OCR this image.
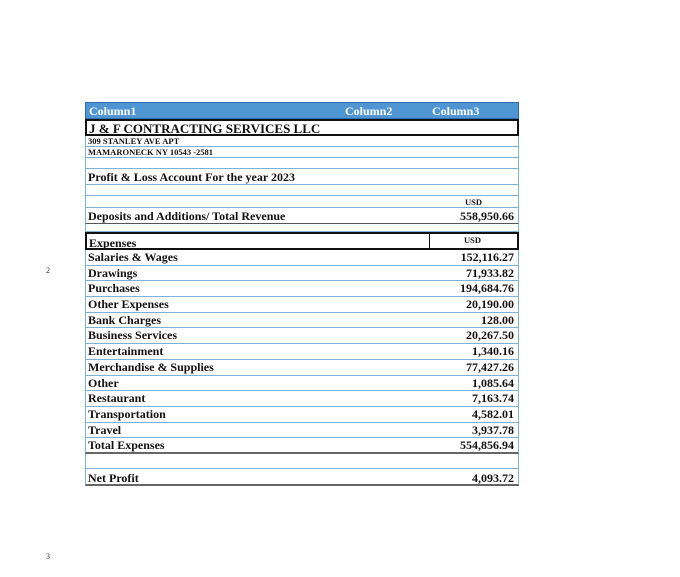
2
3
Column1	Column2	Column3
J & F CONTRACTING SERVICES LLC
309 STANLEY AVE APT
MAMARONECK NY 10543 -2581
Profit & Loss Account For the year 2023
USD
Deposits and Additions/ Total Revenue	558,950.66
Expenses	USD
Salaries & Wages	152,116.27
Drawings	71,933.82
Purchases	194,684.76
Other Expenses	20,190.00
Bank Charges	128.00
Business Services	20,267.50
Entertainment	1,340.16
Merchandise & Supplies	77,427.26
Other	1,085.64
Restaurant	7,163.74
Transportation	4,582.01
Travel	3,937.78
Total Expenses	554,856.94
Net Profit	4,093.72
